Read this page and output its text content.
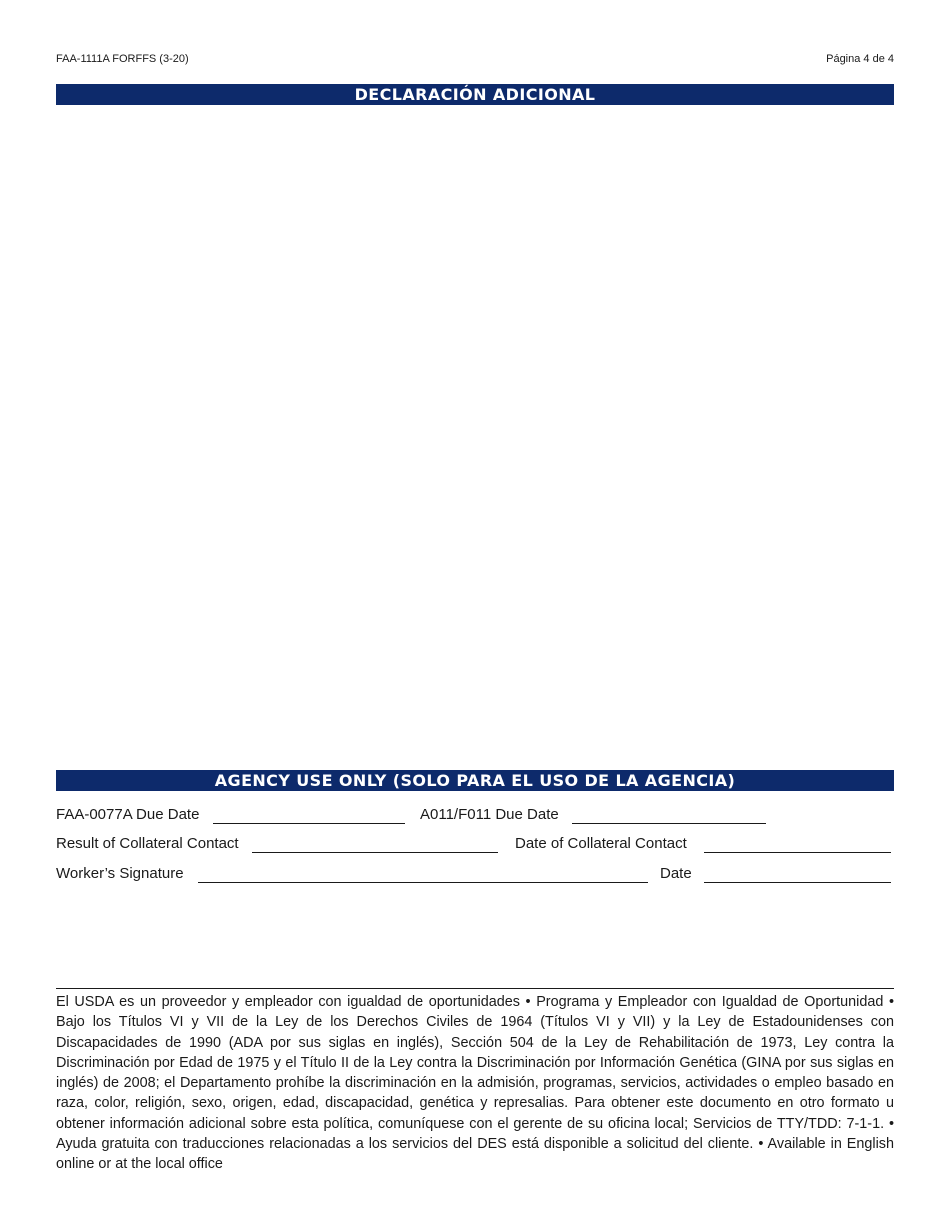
FAA-1111A FORFFS (3-20)	Página 4 de 4
DECLARACIÓN ADICIONAL
AGENCY USE ONLY (SOLO PARA EL USO DE LA AGENCIA)
FAA-0077A Due Date	A011/F011 Due Date
Result of Collateral Contact	Date of Collateral Contact
Worker’s Signature	Date
El USDA es un proveedor y empleador con igualdad de oportunidades • Programa y Empleador con Igualdad de Oportunidad • Bajo los Títulos VI y VII de la Ley de los Derechos Civiles de 1964 (Títulos VI y VII) y la Ley de Estadounidenses con Discapacidades de 1990 (ADA por sus siglas en inglés), Sección 504 de la Ley de Rehabilitación de 1973, Ley contra la Discriminación por Edad de 1975 y el Título II de la Ley contra la Discriminación por Información Genética (GINA por sus siglas en inglés) de 2008; el Departamento prohíbe la discriminación en la admisión, programas, servicios, actividades o empleo basado en raza, color, religión, sexo, origen, edad, discapacidad, genética y represalias. Para obtener este documento en otro formato u obtener información adicional sobre esta política, comuníquese con el gerente de su oficina local; Servicios de TTY/TDD: 7-1-1. • Ayuda gratuita con traducciones relacionadas a los servicios del DES está disponible a solicitud del cliente. • Available in English online or at the local office
